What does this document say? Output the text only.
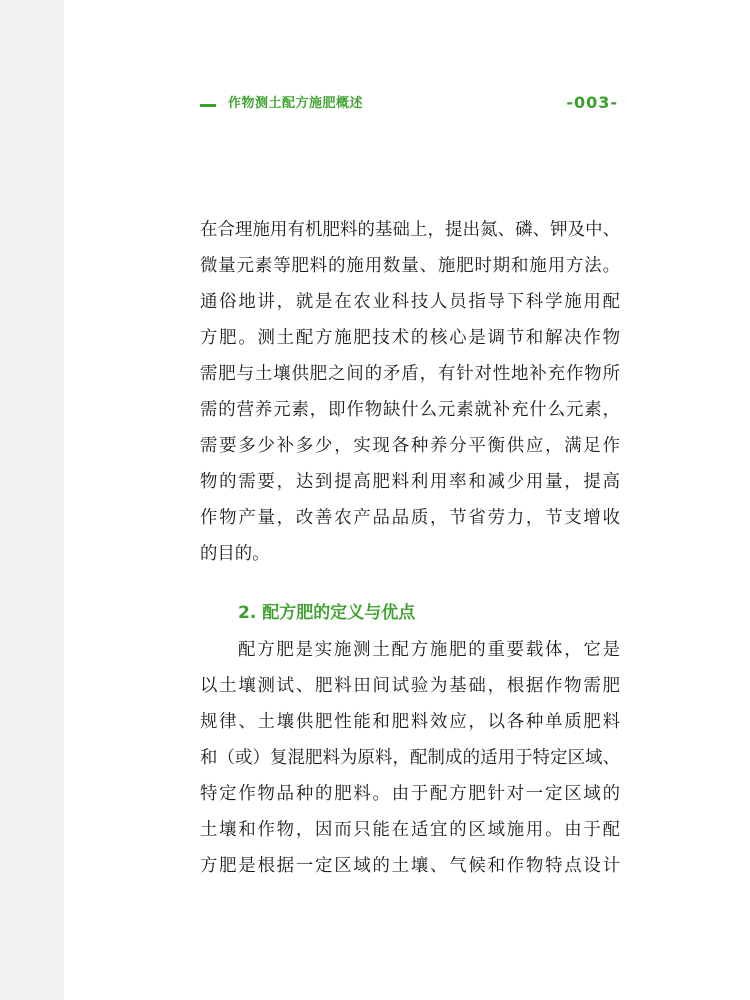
作物测土配方施肥概述	-003-
在合理施用有机肥料的基础上，提出氮、磷、钾及中、
微量元素等肥料的施用数量、施肥时期和施用方法。
通俗地讲，就是在农业科技人员指导下科学施用配
方肥。测土配方施肥技术的核心是调节和解决作物
需肥与土壤供肥之间的矛盾，有针对性地补充作物所
需的营养元素，即作物缺什么元素就补充什么元素，
需要多少补多少，实现各种养分平衡供应，满足作
物的需要，达到提高肥料利用率和减少用量，提高
作物产量，改善农产品品质，节省劳力，节支增收
的目的。
2. 配方肥的定义与优点
配方肥是实施测土配方施肥的重要载体，它是
以土壤测试、肥料田间试验为基础，根据作物需肥
规律、土壤供肥性能和肥料效应，以各种单质肥料
和（或）复混肥料为原料，配制成的适用于特定区域、
特定作物品种的肥料。由于配方肥针对一定区域的
土壤和作物，因而只能在适宜的区域施用。由于配
方肥是根据一定区域的土壤、气候和作物特点设计
